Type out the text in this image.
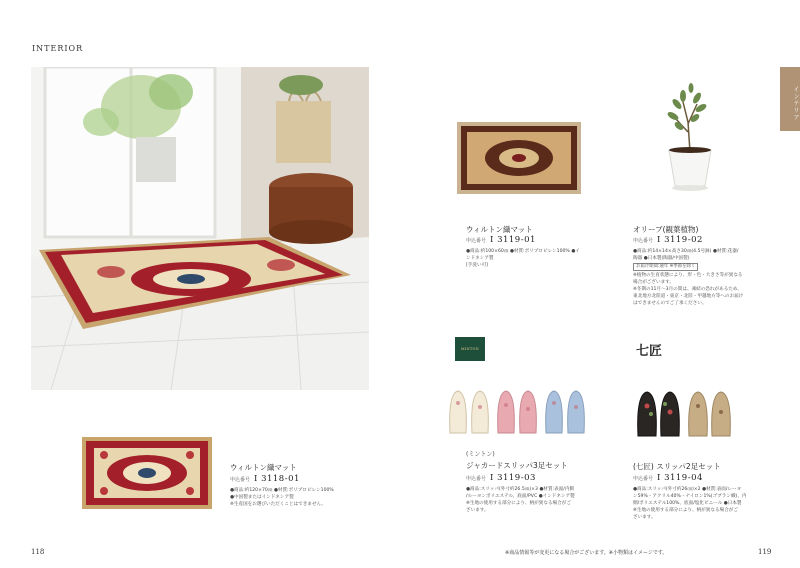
INTERIOR
インテリア
ウィルトン織マット
申込番号 I 3118-01
●商品:約120×70㎝ ●材質:ポリプロピレン100%
●中国製またはインドネシア製
※生産国をお選びいただくことはできません。
ウィルトン織マット
申込番号 I 3119-01
●商品:約100×60㎝ ●材質:ポリプロピレン100% ●イ
ンドネシア製
[手洗い可]
オリーブ(観葉植物)
申込番号 I 3119-02
●商品:約14×14×高さ30㎝(4.5号鉢) ●材質:花器/
陶器 ●日本製(陶器/中国製)
お届け期間:通年 ※季節を除く
※植物の生育状態により、形・色・大きさ等が異なる
場合がございます。
※冬期の11月〜3月の間は、凍結の恐れがあるため、
東北地方北陸道・東京・北陸・甲越地方等へのお届け
はできませんのでご了承ください。
MINTON	七匠
(ミントン)
ジャカードスリッパ3足セット
申込番号 I 3119-03
●商品:スリッパ(外寸約26.5㎝)×3 ●材質:表面/内側
/ルーヨンポリエステル、底面/PVC ●インドネシア製
※生地の使用する部分により、柄が異なる場合がご
ざいます。
(七匠) スリッパ2足セット
申込番号 I 3119-04
●商品:スリッパ(外寸約26㎝)×2 ●材質:表面/レーヨ
ン59%・アクリル40%・ナイロン1%(ゴブラン織)、内
側/ポリエステル100%、底面/塩化ビニール ●日本製
※生地の使用する部分により、柄が異なる場合がご
ざいます。
118	119
※商品情報等が変更になる場合がございます。※小物類はイメージです。
